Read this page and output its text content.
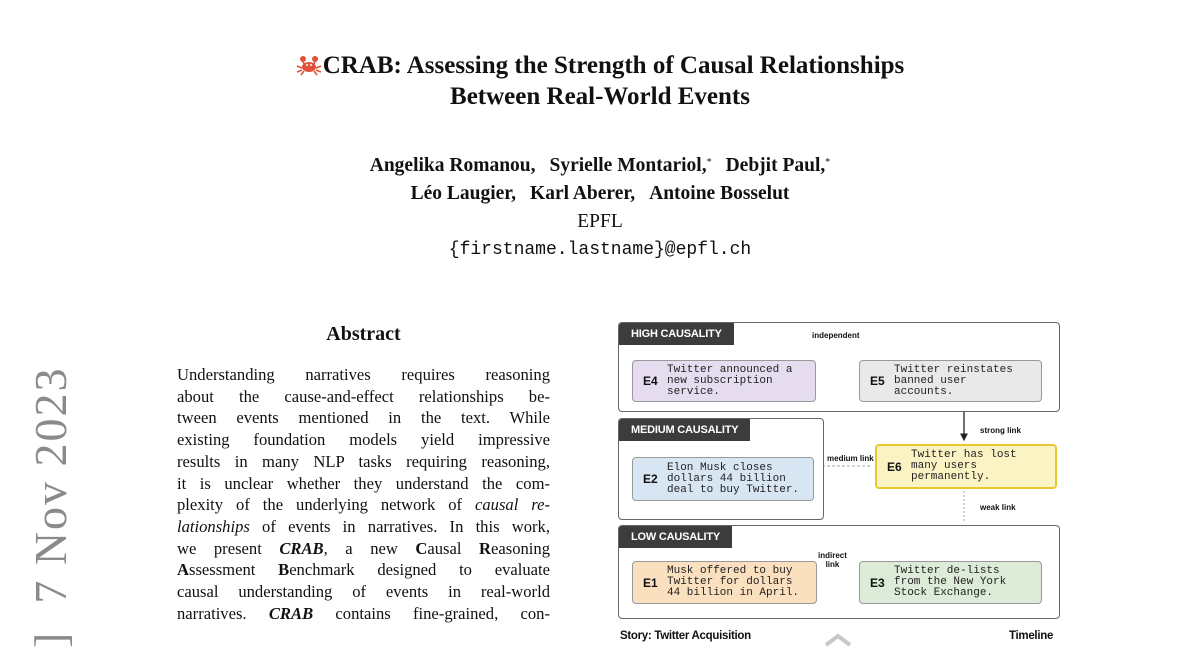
]  7 Nov 2023
CRAB: Assessing the Strength of Causal Relationships
Between Real-World Events
Angelika Romanou, Syrielle Montariol,* Debjit Paul,*
Léo Laugier, Karl Aberer, Antoine Bosselut
EPFL
{firstname.lastname}@epfl.ch
Abstract
Understanding narratives requires reasoning
about the cause-and-effect relationships be-
tween events mentioned in the text. While
existing foundation models yield impressive
results in many NLP tasks requiring reasoning,
it is unclear whether they understand the com-
plexity of the underlying network of causal re-
lationships of events in narratives. In this work,
we present CRAB, a new Causal Reasoning
Assessment Benchmark designed to evaluate
causal understanding of events in real-world
narratives. CRAB contains fine-grained, con-
HIGH CAUSALITY	independent
E4
Twitter announced a
new subscription
service.
E5
Twitter reinstates
banned user
accounts.
MEDIUM CAUSALITY
E2
Elon Musk closes
dollars 44 billion
deal to buy Twitter.
medium link
strong link
E6
Twitter has lost
many users
permanently.
weak link
LOW CAUSALITY
indirect
link
E1
Musk offered to buy
Twitter for dollars
44 billion in April.
E3
Twitter de-lists
from the New York
Stock Exchange.
Story: Twitter Acquisition	Timeline
